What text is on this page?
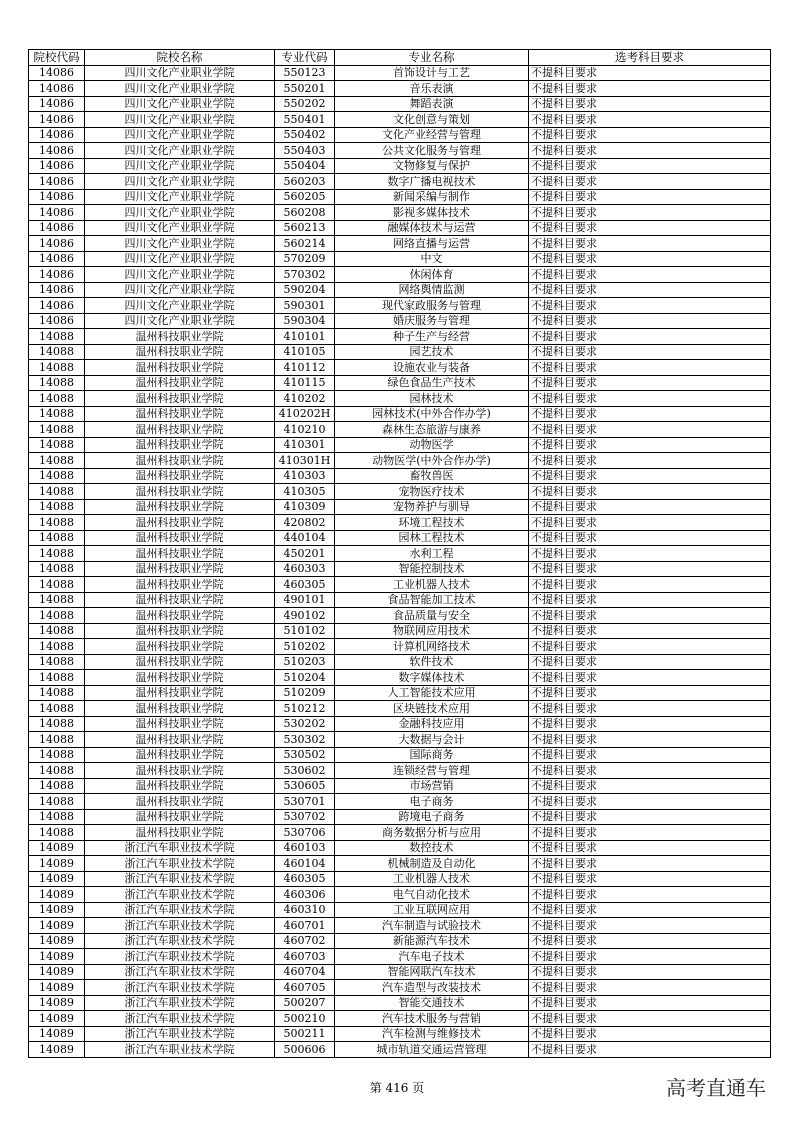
院校代码	院校名称	专业代码	专业名称	选考科目要求
14086	四川文化产业职业学院	550123	首饰设计与工艺	不提科目要求
14086	四川文化产业职业学院	550201	音乐表演	不提科目要求
14086	四川文化产业职业学院	550202	舞蹈表演	不提科目要求
14086	四川文化产业职业学院	550401	文化创意与策划	不提科目要求
14086	四川文化产业职业学院	550402	文化产业经营与管理	不提科目要求
14086	四川文化产业职业学院	550403	公共文化服务与管理	不提科目要求
14086	四川文化产业职业学院	550404	文物修复与保护	不提科目要求
14086	四川文化产业职业学院	560203	数字广播电视技术	不提科目要求
14086	四川文化产业职业学院	560205	新闻采编与制作	不提科目要求
14086	四川文化产业职业学院	560208	影视多媒体技术	不提科目要求
14086	四川文化产业职业学院	560213	融媒体技术与运营	不提科目要求
14086	四川文化产业职业学院	560214	网络直播与运营	不提科目要求
14086	四川文化产业职业学院	570209	中文	不提科目要求
14086	四川文化产业职业学院	570302	休闲体育	不提科目要求
14086	四川文化产业职业学院	590204	网络舆情监测	不提科目要求
14086	四川文化产业职业学院	590301	现代家政服务与管理	不提科目要求
14086	四川文化产业职业学院	590304	婚庆服务与管理	不提科目要求
14088	温州科技职业学院	410101	种子生产与经营	不提科目要求
14088	温州科技职业学院	410105	园艺技术	不提科目要求
14088	温州科技职业学院	410112	设施农业与装备	不提科目要求
14088	温州科技职业学院	410115	绿色食品生产技术	不提科目要求
14088	温州科技职业学院	410202	园林技术	不提科目要求
14088	温州科技职业学院	410202H	园林技术(中外合作办学)	不提科目要求
14088	温州科技职业学院	410210	森林生态旅游与康养	不提科目要求
14088	温州科技职业学院	410301	动物医学	不提科目要求
14088	温州科技职业学院	410301H	动物医学(中外合作办学)	不提科目要求
14088	温州科技职业学院	410303	畜牧兽医	不提科目要求
14088	温州科技职业学院	410305	宠物医疗技术	不提科目要求
14088	温州科技职业学院	410309	宠物养护与驯导	不提科目要求
14088	温州科技职业学院	420802	环境工程技术	不提科目要求
14088	温州科技职业学院	440104	园林工程技术	不提科目要求
14088	温州科技职业学院	450201	水利工程	不提科目要求
14088	温州科技职业学院	460303	智能控制技术	不提科目要求
14088	温州科技职业学院	460305	工业机器人技术	不提科目要求
14088	温州科技职业学院	490101	食品智能加工技术	不提科目要求
14088	温州科技职业学院	490102	食品质量与安全	不提科目要求
14088	温州科技职业学院	510102	物联网应用技术	不提科目要求
14088	温州科技职业学院	510202	计算机网络技术	不提科目要求
14088	温州科技职业学院	510203	软件技术	不提科目要求
14088	温州科技职业学院	510204	数字媒体技术	不提科目要求
14088	温州科技职业学院	510209	人工智能技术应用	不提科目要求
14088	温州科技职业学院	510212	区块链技术应用	不提科目要求
14088	温州科技职业学院	530202	金融科技应用	不提科目要求
14088	温州科技职业学院	530302	大数据与会计	不提科目要求
14088	温州科技职业学院	530502	国际商务	不提科目要求
14088	温州科技职业学院	530602	连锁经营与管理	不提科目要求
14088	温州科技职业学院	530605	市场营销	不提科目要求
14088	温州科技职业学院	530701	电子商务	不提科目要求
14088	温州科技职业学院	530702	跨境电子商务	不提科目要求
14088	温州科技职业学院	530706	商务数据分析与应用	不提科目要求
14089	浙江汽车职业技术学院	460103	数控技术	不提科目要求
14089	浙江汽车职业技术学院	460104	机械制造及自动化	不提科目要求
14089	浙江汽车职业技术学院	460305	工业机器人技术	不提科目要求
14089	浙江汽车职业技术学院	460306	电气自动化技术	不提科目要求
14089	浙江汽车职业技术学院	460310	工业互联网应用	不提科目要求
14089	浙江汽车职业技术学院	460701	汽车制造与试验技术	不提科目要求
14089	浙江汽车职业技术学院	460702	新能源汽车技术	不提科目要求
14089	浙江汽车职业技术学院	460703	汽车电子技术	不提科目要求
14089	浙江汽车职业技术学院	460704	智能网联汽车技术	不提科目要求
14089	浙江汽车职业技术学院	460705	汽车造型与改装技术	不提科目要求
14089	浙江汽车职业技术学院	500207	智能交通技术	不提科目要求
14089	浙江汽车职业技术学院	500210	汽车技术服务与营销	不提科目要求
14089	浙江汽车职业技术学院	500211	汽车检测与维修技术	不提科目要求
14089	浙江汽车职业技术学院	500606	城市轨道交通运营管理	不提科目要求
第 416 页	高考直通车
